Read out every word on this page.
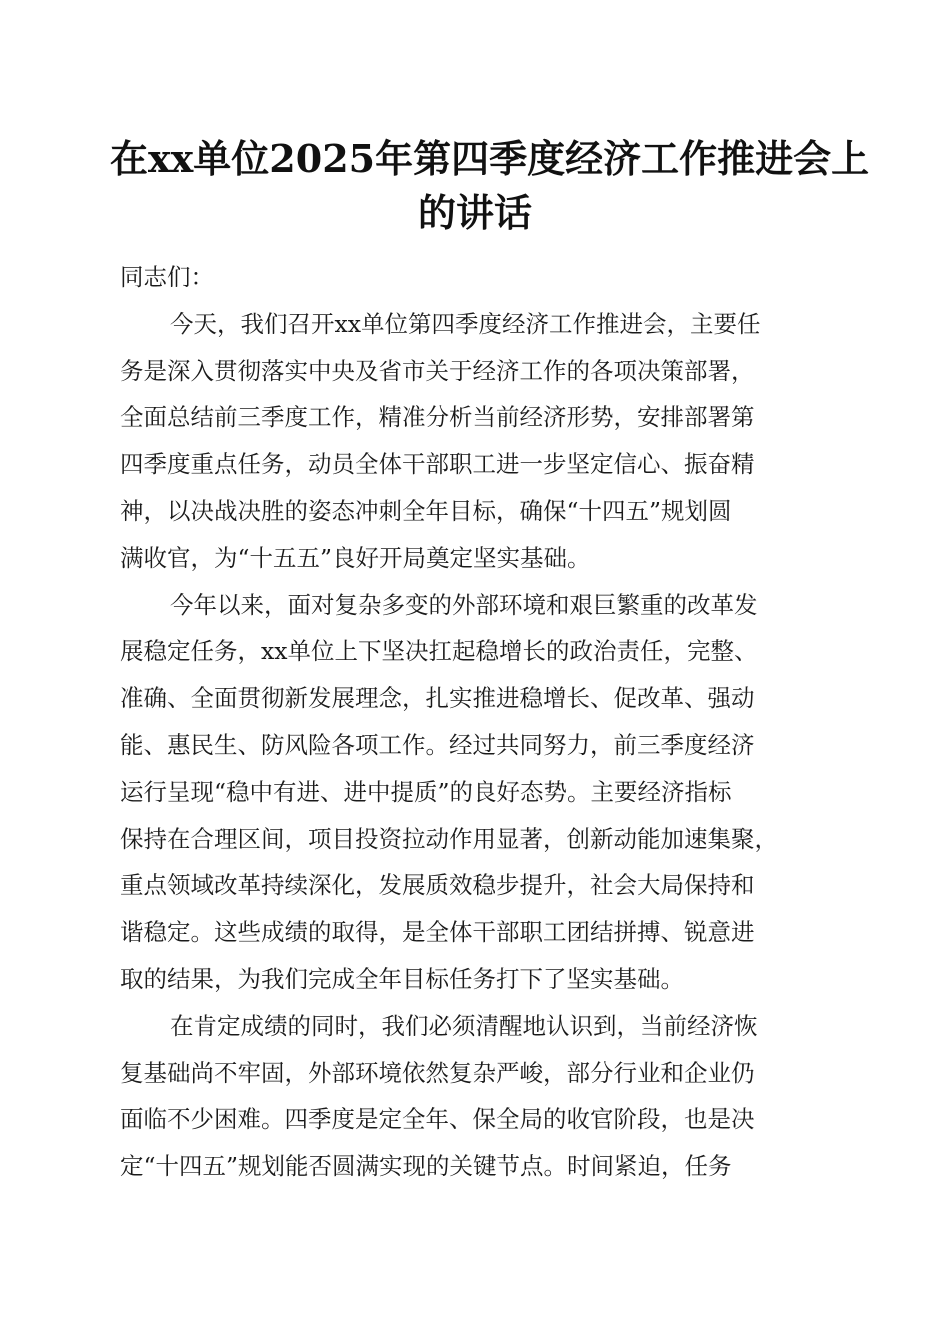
在xx单位2025年第四季度经济工作推进会上
的讲话
同志们：
今天，我们召开xx单位第四季度经济工作推进会，主要任
务是深入贯彻落实中央及省市关于经济工作的各项决策部署，
全面总结前三季度工作，精准分析当前经济形势，安排部署第
四季度重点任务，动员全体干部职工进一步坚定信心、振奋精
神，以决战决胜的姿态冲刺全年目标，确保“十四五”规划圆
满收官，为“十五五”良好开局奠定坚实基础。
今年以来，面对复杂多变的外部环境和艰巨繁重的改革发
展稳定任务，xx单位上下坚决扛起稳增长的政治责任，完整、
准确、全面贯彻新发展理念，扎实推进稳增长、促改革、强动
能、惠民生、防风险各项工作。经过共同努力，前三季度经济
运行呈现“稳中有进、进中提质”的良好态势。主要经济指标
保持在合理区间，项目投资拉动作用显著，创新动能加速集聚，
重点领域改革持续深化，发展质效稳步提升，社会大局保持和
谐稳定。这些成绩的取得，是全体干部职工团结拼搏、锐意进
取的结果，为我们完成全年目标任务打下了坚实基础。
在肯定成绩的同时，我们必须清醒地认识到，当前经济恢
复基础尚不牢固，外部环境依然复杂严峻，部分行业和企业仍
面临不少困难。四季度是定全年、保全局的收官阶段，也是决
定“十四五”规划能否圆满实现的关键节点。时间紧迫，任务
